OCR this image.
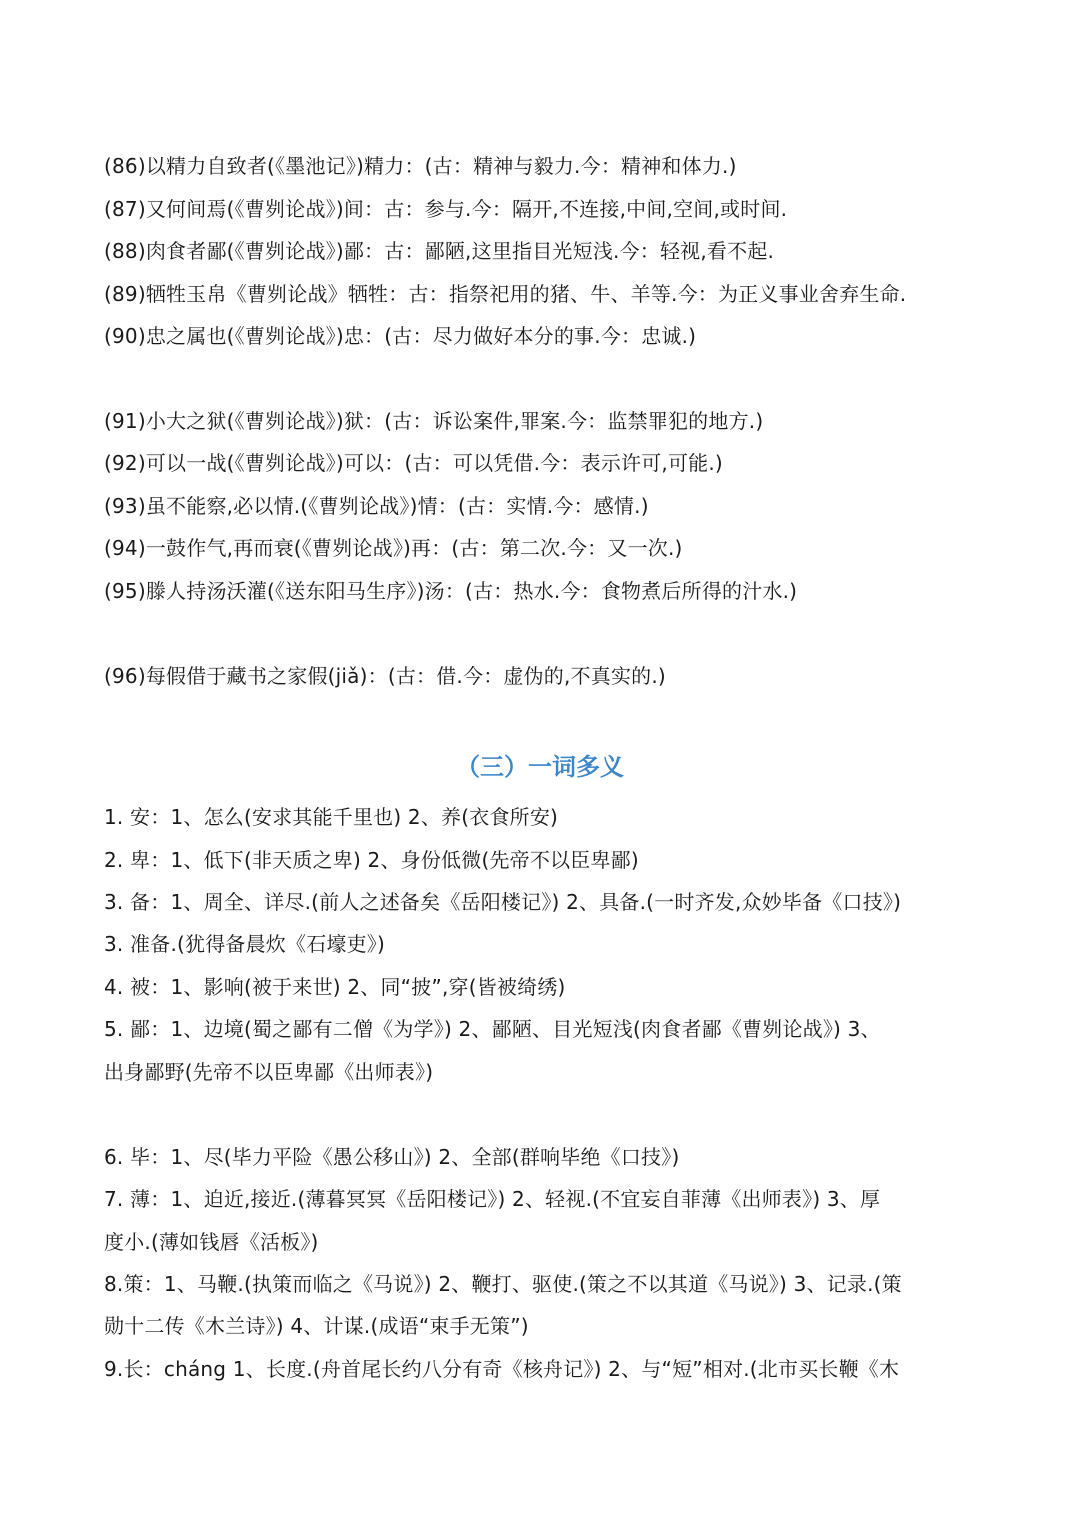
(86)以精力自致者(《墨池记》)精力：(古：精神与毅力.今：精神和体力.)
(87)又何间焉(《曹刿论战》)间：古：参与.今：隔开,不连接,中间,空间,或时间.
(88)肉食者鄙(《曹刿论战》)鄙：古：鄙陋,这里指目光短浅.今：轻视,看不起.
(89)牺牲玉帛《曹刿论战》牺牲：古：指祭祀用的猪、牛、羊等.今：为正义事业舍弃生命.
(90)忠之属也(《曹刿论战》)忠：(古：尽力做好本分的事.今：忠诚.)
(91)小大之狱(《曹刿论战》)狱：(古：诉讼案件,罪案.今：监禁罪犯的地方.)
(92)可以一战(《曹刿论战》)可以：(古：可以凭借.今：表示许可,可能.)
(93)虽不能察,必以情.(《曹刿论战》)情：(古：实情.今：感情.)
(94)一鼓作气,再而衰(《曹刿论战》)再：(古：第二次.今：又一次.)
(95)滕人持汤沃灌(《送东阳马生序》)汤：(古：热水.今：食物煮后所得的汁水.)
(96)每假借于藏书之家假(jiǎ)：(古：借.今：虚伪的,不真实的.)
（三）一词多义
1. 安：1、怎么(安求其能千里也) 2、养(衣食所安)
2. 卑：1、低下(非天质之卑) 2、身份低微(先帝不以臣卑鄙)
3. 备：1、周全、详尽.(前人之述备矣《岳阳楼记》) 2、具备.(一时齐发,众妙毕备《口技》)
3. 准备.(犹得备晨炊《石壕吏》)
4. 被：1、影响(被于来世) 2、同“披”,穿(皆被绮绣)
5. 鄙：1、边境(蜀之鄙有二僧《为学》) 2、鄙陋、目光短浅(肉食者鄙《曹刿论战》) 3、
出身鄙野(先帝不以臣卑鄙《出师表》)
6. 毕：1、尽(毕力平险《愚公移山》) 2、全部(群响毕绝《口技》)
7. 薄：1、迫近,接近.(薄暮冥冥《岳阳楼记》) 2、轻视.(不宜妄自菲薄《出师表》) 3、厚
度小.(薄如钱唇《活板》)
8.策：1、马鞭.(执策而临之《马说》) 2、鞭打、驱使.(策之不以其道《马说》) 3、记录.(策
勋十二传《木兰诗》) 4、计谋.(成语“束手无策”)
9.长：cháng 1、长度.(舟首尾长约八分有奇《核舟记》) 2、与“短”相对.(北市买长鞭《木
